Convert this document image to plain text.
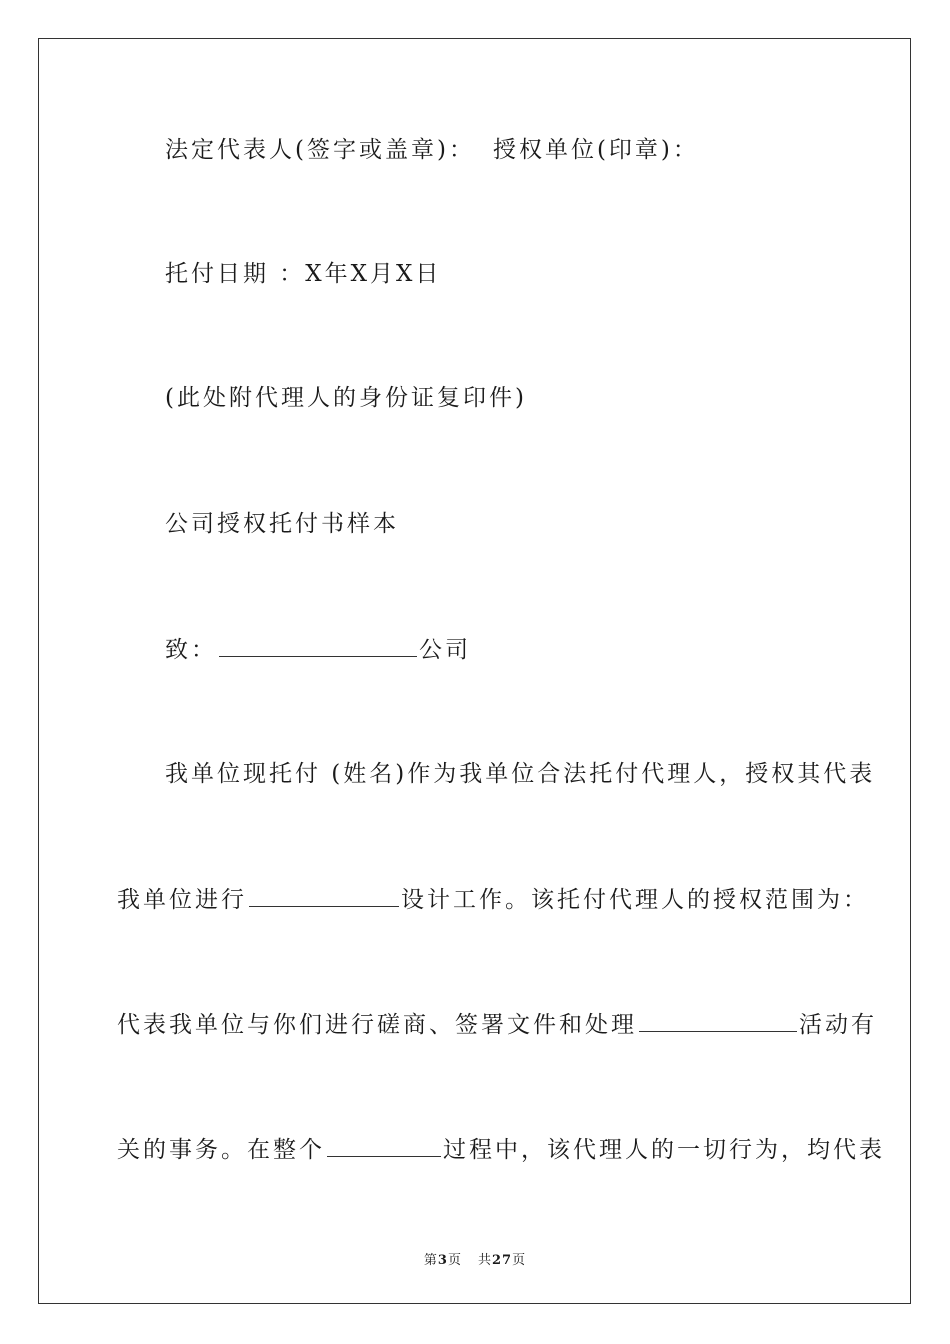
法定代表人(签字或盖章)： 授权单位(印章)：
托付日期 ：X年X月X日
(此处附代理人的身份证复印件)
公司授权托付书样本
致：	公司
我单位现托付 (姓名)作为我单位合法托付代理人，授权其代表
我单位进行	设计工作。该托付代理人的授权范围为：
代表我单位与你们进行磋商、签署文件和处理	活动有
关的事务。在整个	过程中，该代理人的一切行为，均代表
第3页 共27页
